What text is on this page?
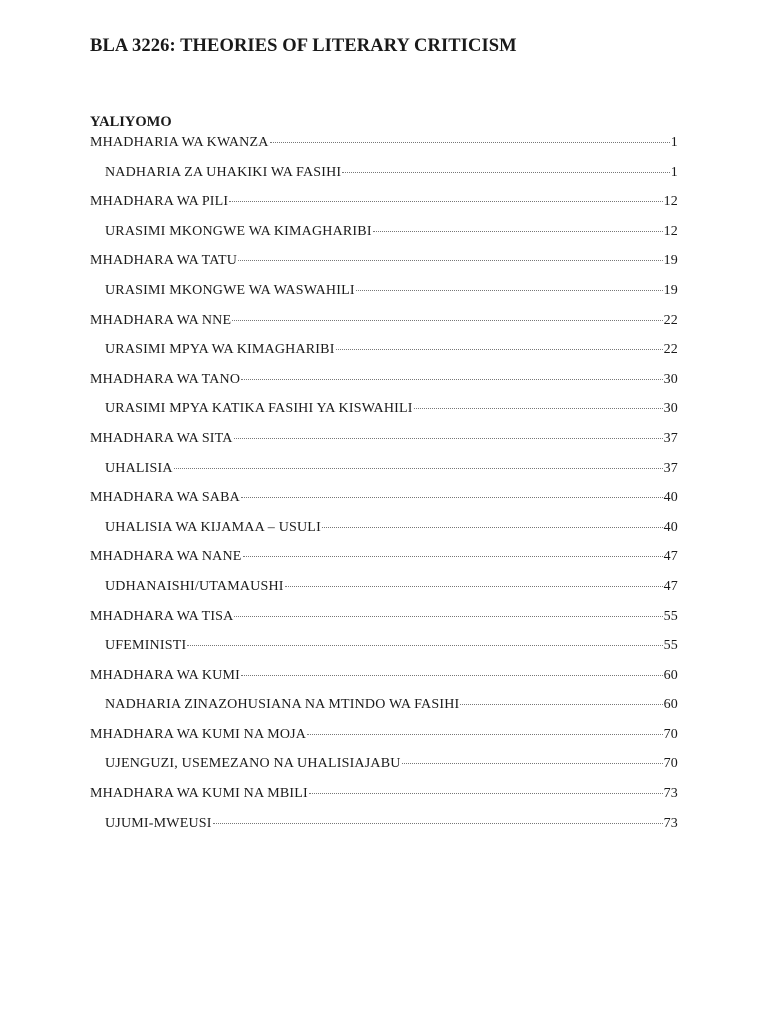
BLA 3226: THEORIES OF LITERARY CRITICISM
YALIYOMO
MHADHARIA WA KWANZA	1
NADHARIA ZA UHAKIKI WA FASIHI	1
MHADHARA WA PILI	12
URASIMI MKONGWE WA KIMAGHARIBI	12
MHADHARA WA TATU	19
URASIMI MKONGWE WA WASWAHILI	19
MHADHARA WA NNE	22
URASIMI MPYA WA KIMAGHARIBI	22
MHADHARA WA TANO	30
URASIMI MPYA KATIKA FASIHI YA KISWAHILI	30
MHADHARA WA SITA	37
UHALISIA	37
MHADHARA WA SABA	40
UHALISIA WA KIJAMAA – USULI	40
MHADHARA WA NANE	47
UDHANAISHI/UTAMAUSHI	47
MHADHARA WA TISA	55
UFEMINISTI	55
MHADHARA WA KUMI	60
NADHARIA ZINAZOHUSIANA NA MTINDO WA FASIHI	60
MHADHARA WA KUMI NA MOJA	70
UJENGUZI, USEMEZANO NA UHALISIAJABU	70
MHADHARA WA KUMI NA MBILI	73
UJUMI-MWEUSI	73
